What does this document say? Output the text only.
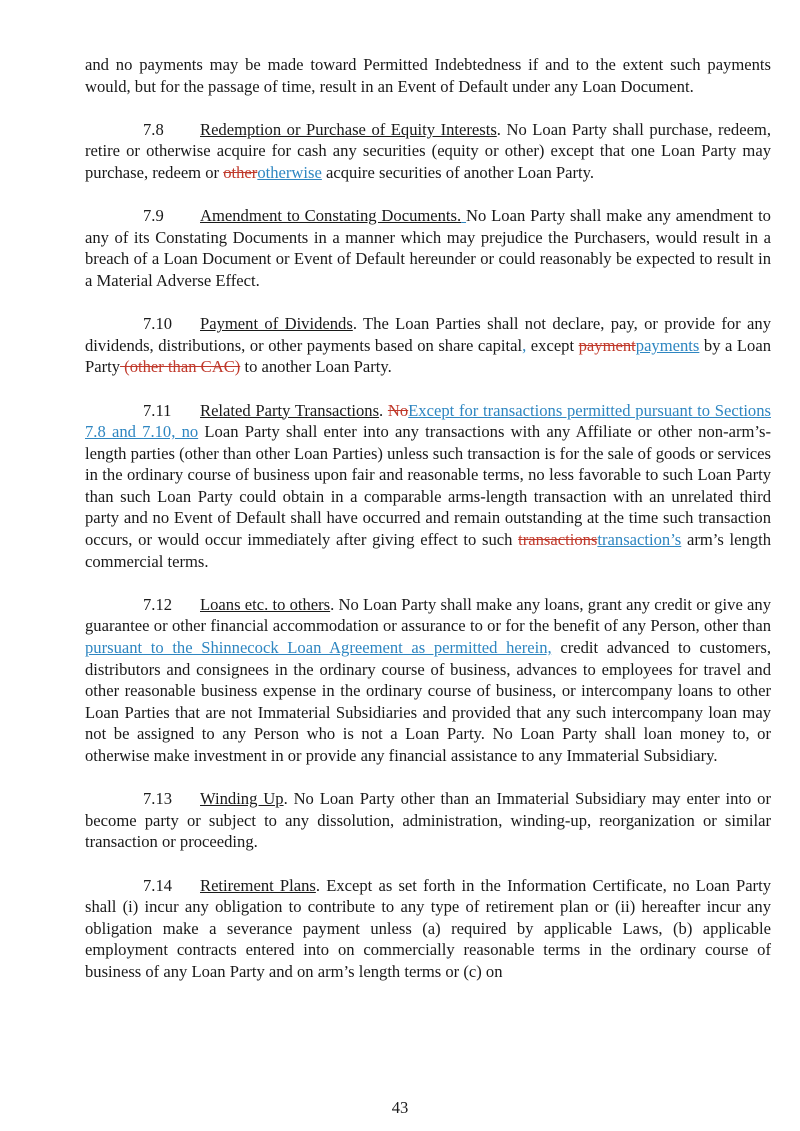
and no payments may be made toward Permitted Indebtedness if and to the extent such payments would, but for the passage of time, result in an Event of Default under any Loan Document.

7.8 Redemption or Purchase of Equity Interests. No Loan Party shall purchase, redeem, retire or otherwise acquire for cash any securities (equity or other) except that one Loan Party may purchase, redeem or otherotherwise acquire securities of another Loan Party.

7.9 Amendment to Constating Documents. No Loan Party shall make any amendment to any of its Constating Documents in a manner which may prejudice the Purchasers, would result in a breach of a Loan Document or Event of Default hereunder or could reasonably be expected to result in a Material Adverse Effect.

7.10 Payment of Dividends. The Loan Parties shall not declare, pay, or provide for any dividends, distributions, or other payments based on share capital, except paymentpayments by a Loan Party (other than CAC) to another Loan Party.

7.11 Related Party Transactions. NoExcept for transactions permitted pursuant to Sections 7.8 and 7.10, no Loan Party shall enter into any transactions with any Affiliate or other non-arm’s-length parties (other than other Loan Parties) unless such transaction is for the sale of goods or services in the ordinary course of business upon fair and reasonable terms, no less favorable to such Loan Party than such Loan Party could obtain in a comparable arms-length transaction with an unrelated third party and no Event of Default shall have occurred and remain outstanding at the time such transaction occurs, or would occur immediately after giving effect to such transactionstransaction’s arm’s length commercial terms.

7.12 Loans etc. to others. No Loan Party shall make any loans, grant any credit or give any guarantee or other financial accommodation or assurance to or for the benefit of any Person, other than pursuant to the Shinnecock Loan Agreement as permitted herein, credit advanced to customers, distributors and consignees in the ordinary course of business, advances to employees for travel and other reasonable business expense in the ordinary course of business, or intercompany loans to other Loan Parties that are not Immaterial Subsidiaries and provided that any such intercompany loan may not be assigned to any Person who is not a Loan Party. No Loan Party shall loan money to, or otherwise make investment in or provide any financial assistance to any Immaterial Subsidiary.

7.13 Winding Up. No Loan Party other than an Immaterial Subsidiary may enter into or become party or subject to any dissolution, administration, winding-up, reorganization or similar transaction or proceeding.

7.14 Retirement Plans. Except as set forth in the Information Certificate, no Loan Party shall (i) incur any obligation to contribute to any type of retirement plan or (ii) hereafter incur any obligation make a severance payment unless (a) required by applicable Laws, (b) applicable employment contracts entered into on commercially reasonable terms in the ordinary course of business of any Loan Party and on arm’s length terms or (c) on

43
